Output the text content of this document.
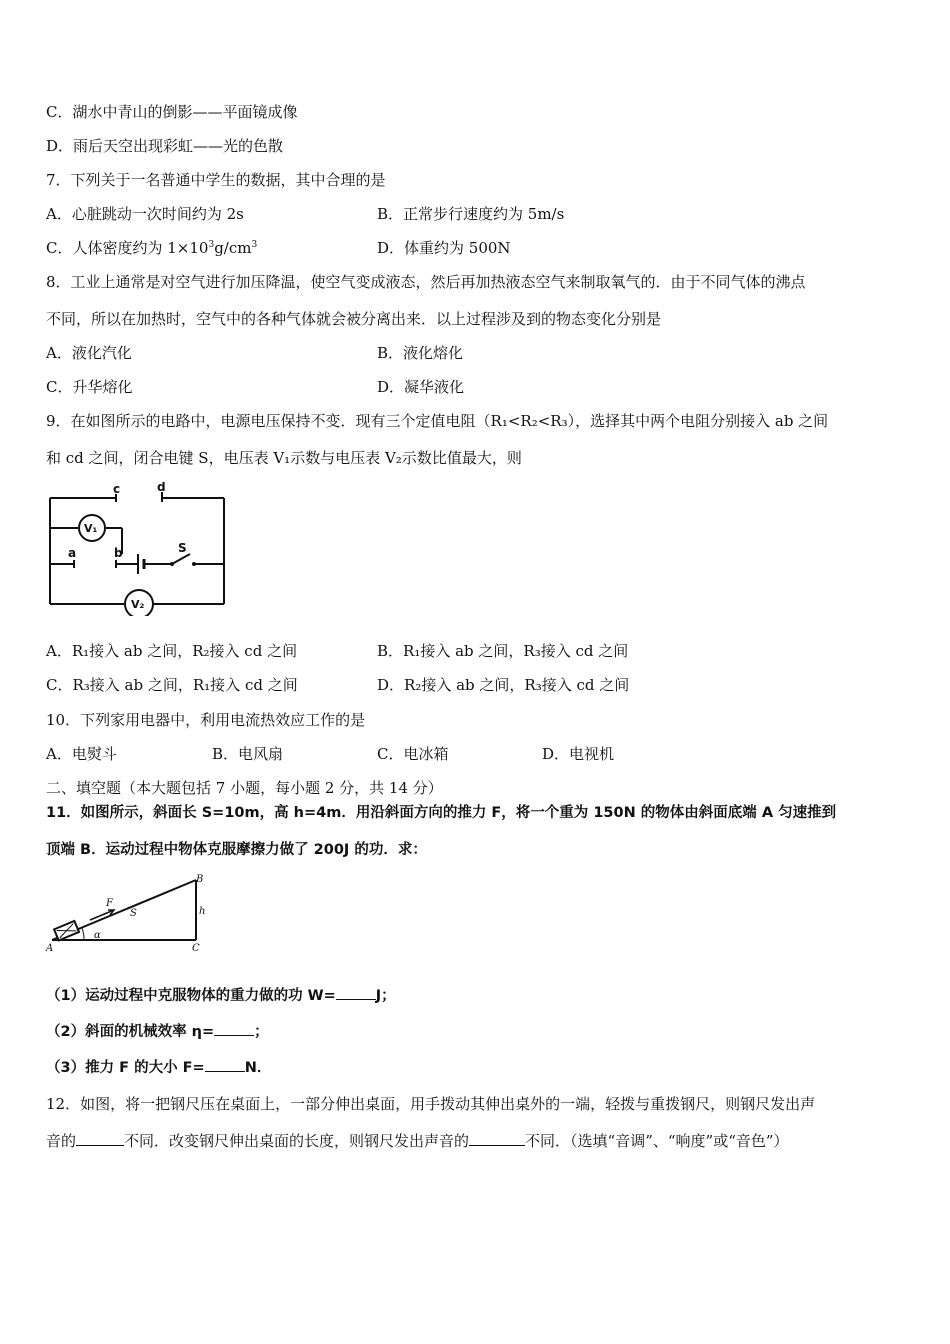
C．湖水中青山的倒影——平面镜成像
D．雨后天空出现彩虹——光的色散
7．下列关于一名普通中学生的数据，其中合理的是
A．心脏跳动一次时间约为 2s	B．正常步行速度约为 5m/s
C．人体密度约为 $1\times 10^3g/cm^3$	D．体重约为 500N
8．工业上通常是对空气进行加压降温，使空气变成液态，然后再加热液态空气来制取氧气的．由于不同气体的沸点
不同，所以在加热时，空气中的各种气体就会被分离出来．以上过程涉及到的物态变化分别是
A．液化汽化	B．液化熔化
C．升华熔化	D．凝华液化
9．在如图所示的电路中，电源电压保持不变．现有三个定值电阻（R₁<R₂<R₃），选择其中两个电阻分别接入 ab 之间
和 cd 之间，闭合电键 S，电压表 V₁示数与电压表 V₂示数比值最大，则
c	d
a	b	S
V₁
V₂
A．R₁接入 ab 之间，R₂接入 cd 之间	B．R₁接入 ab 之间，R₃接入 cd 之间
C．R₃接入 ab 之间，R₁接入 cd 之间	D．R₂接入 ab 之间，R₃接入 cd 之间
10．下列家用电器中，利用电流热效应工作的是
A．电熨斗	B．电风扇	C．电冰箱	D．电视机
二、填空题（本大题包括 7 小题，每小题 2 分，共 14 分）
11．如图所示，斜面长 S=10m，高 h=4m．用沿斜面方向的推力 F，将一个重为 150N 的物体由斜面底端 A 匀速推到
顶端 B．运动过程中物体克服摩擦力做了 200J 的功．求：
A
B
C
F
S	h
α
（1）运动过程中克服物体的重力做的功 W=	J；
（2）斜面的机械效率 η=	；
（3）推力 F 的大小 F=	N．
12．如图，将一把钢尺压在桌面上，一部分伸出桌面，用手拨动其伸出桌外的一端，轻拨与重拨钢尺，则钢尺发出声
音的	不同．改变钢尺伸出桌面的长度，则钢尺发出声音的	不同．（选填“音调”、“响度”或“音色”）
